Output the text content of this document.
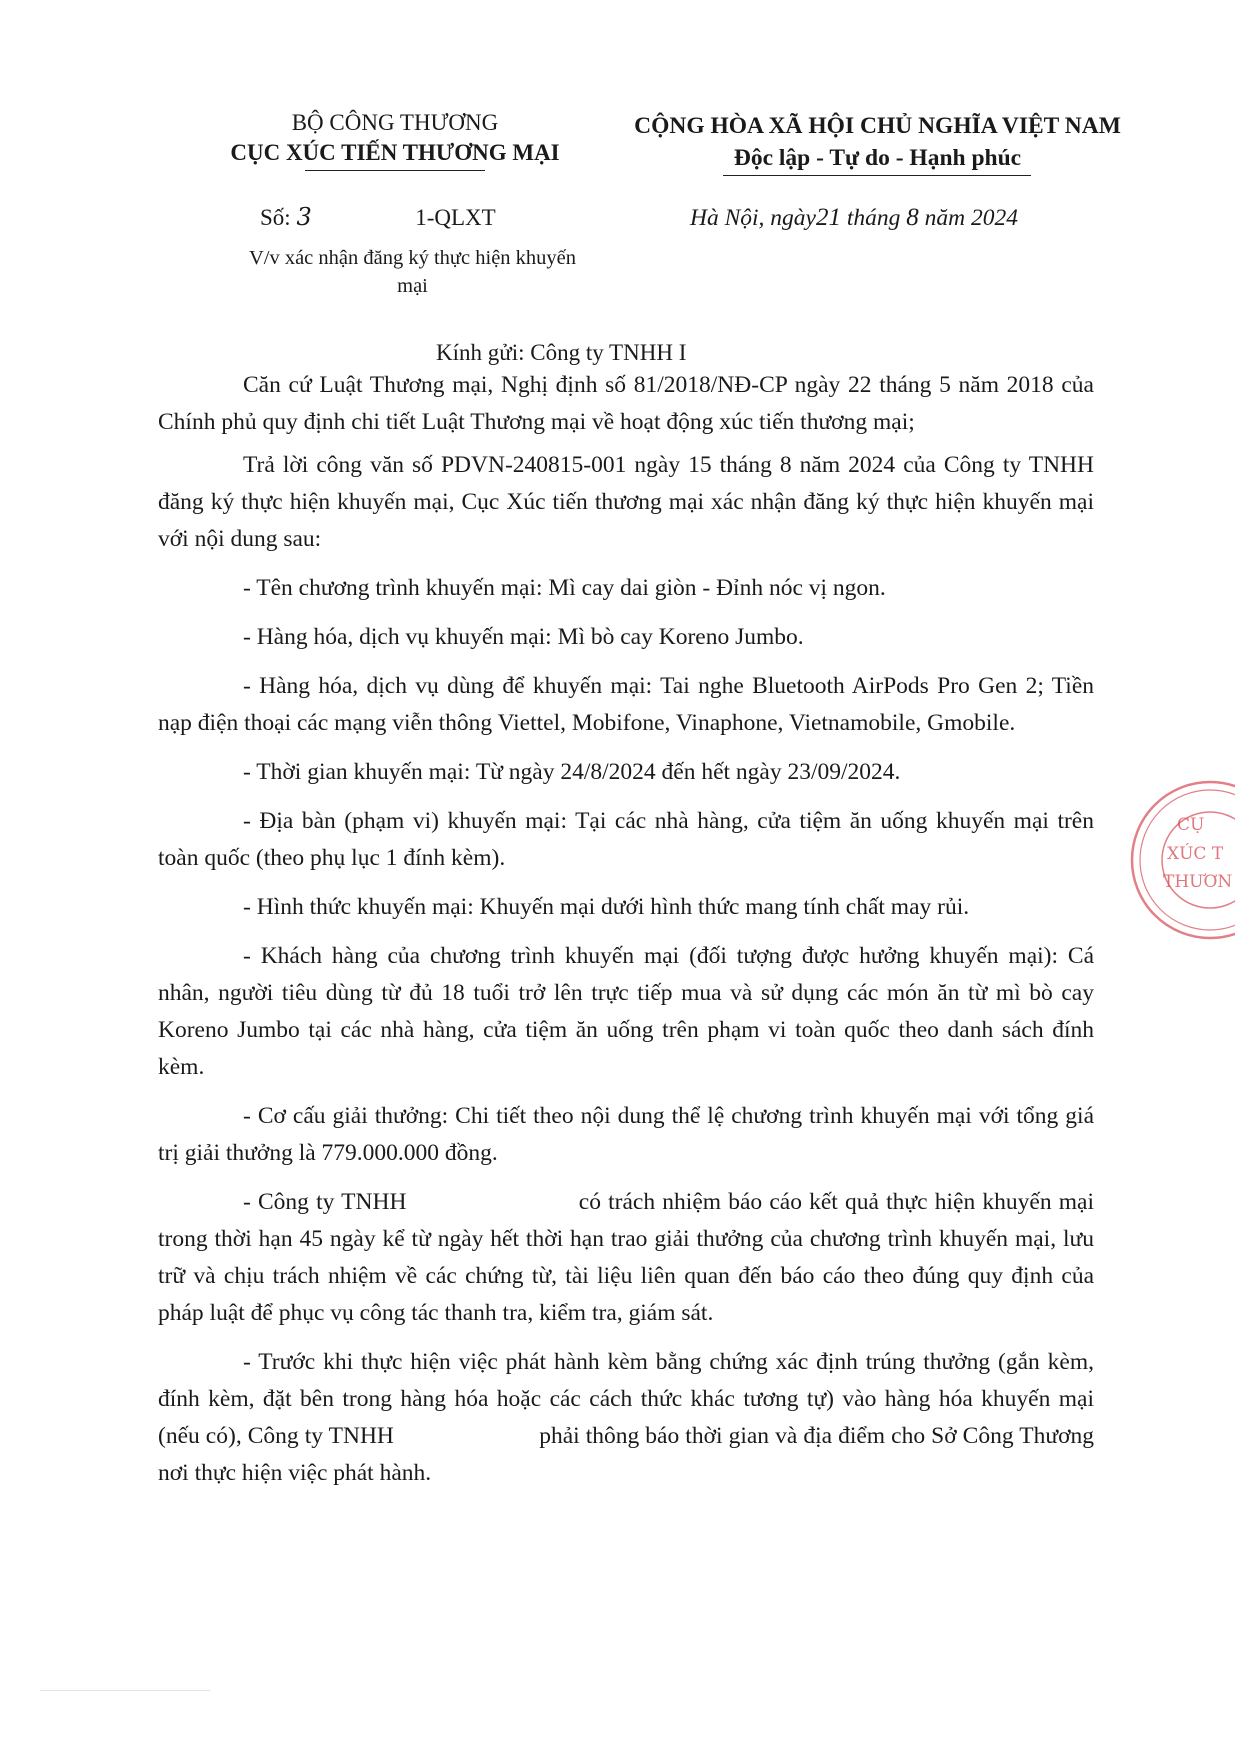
BỘ CÔNG THƯƠNG
CỤC XÚC TIẾN THƯƠNG MẠI
CỘNG HÒA XÃ HỘI CHỦ NGHĨA VIỆT NAM
Độc lập - Tự do - Hạnh phúc
Số: 3	1-QLXT	Hà Nội, ngày21 tháng 8 năm 2024
V/v xác nhận đăng ký thực hiện khuyến mại
Kính gửi: Công ty TNHH I

Căn cứ Luật Thương mại, Nghị định số 81/2018/NĐ-CP ngày 22 tháng 5 năm 2018 của Chính phủ quy định chi tiết Luật Thương mại về hoạt động xúc tiến thương mại;

Trả lời công văn số PDVN-240815-001 ngày 15 tháng 8 năm 2024 của Công ty TNHH                        đăng ký thực hiện khuyến mại, Cục Xúc tiến thương mại xác nhận đăng ký thực hiện khuyến mại với nội dung sau:

- Tên chương trình khuyến mại: Mì cay dai giòn - Đỉnh nóc vị ngon.

- Hàng hóa, dịch vụ khuyến mại: Mì bò cay Koreno Jumbo.

- Hàng hóa, dịch vụ dùng để khuyến mại: Tai nghe Bluetooth AirPods Pro Gen 2; Tiền nạp điện thoại các mạng viễn thông Viettel, Mobifone, Vinaphone, Vietnamobile, Gmobile.

- Thời gian khuyến mại: Từ ngày 24/8/2024 đến hết ngày 23/09/2024.

- Địa bàn (phạm vi) khuyến mại: Tại các nhà hàng, cửa tiệm ăn uống khuyến mại trên toàn quốc (theo phụ lục 1 đính kèm).

- Hình thức khuyến mại: Khuyến mại dưới hình thức mang tính chất may rủi.

- Khách hàng của chương trình khuyến mại (đối tượng được hưởng khuyến mại): Cá nhân, người tiêu dùng từ đủ 18 tuổi trở lên trực tiếp mua và sử dụng các món ăn từ mì bò cay Koreno Jumbo tại các nhà hàng, cửa tiệm ăn uống trên phạm vi toàn quốc theo danh sách đính kèm.

- Cơ cấu giải thưởng: Chi tiết theo nội dung thể lệ chương trình khuyến mại với tổng giá trị giải thưởng là 779.000.000 đồng.

- Công ty TNHH                        có trách nhiệm báo cáo kết quả thực hiện khuyến mại trong thời hạn 45 ngày kể từ ngày hết thời hạn trao giải thưởng của chương trình khuyến mại, lưu trữ và chịu trách nhiệm về các chứng từ, tài liệu liên quan đến báo cáo theo đúng quy định của pháp luật để phục vụ công tác thanh tra, kiểm tra, giám sát.

- Trước khi thực hiện việc phát hành kèm bằng chứng xác định trúng thưởng (gắn kèm, đính kèm, đặt bên trong hàng hóa hoặc các cách thức khác tương tự) vào hàng hóa khuyến mại (nếu có), Công ty TNHH                        phải thông báo thời gian và địa điểm cho Sở Công Thương nơi thực hiện việc phát hành.

CỤ
XÚC T
THƯƠN
